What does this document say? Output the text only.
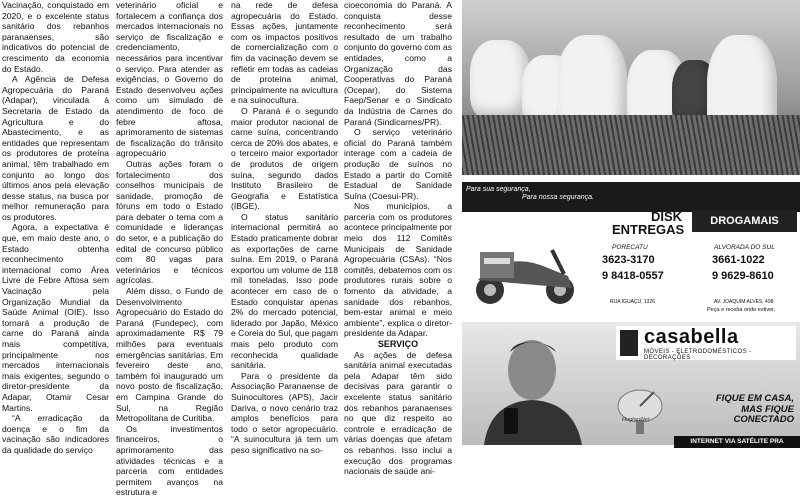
Vacinação, conquistado em 2020, e o excelente status sanitário dos rebanhos paranaenses, são indicativos do potencial de crescimento da economia do Estado.

A Agência de Defesa Agropecuária do Paraná (Adapar), vinculada à Secretaria de Estado da Agricultura e do Abastecimento, e as entidades que representam os produtores de proteína animal, têm trabalhado em conjunto ao longo dos últimos anos pela elevação desse status, na busca por melhor remuneração para os produtores.

Agora, a expectativa é que, em maio deste ano, o Estado obtenha reconhecimento internacional como Área Livre de Febre Aftosa sem Vacinação pela Organização Mundial da Saúde Animal (OIE). Isso tornará a produção de carne do Paraná ainda mais competitiva, principalmente nos mercados internacionais mais exigentes, segundo o diretor-presidente da Adapar, Otamir Cesar Martins.

“A erradicação da doença e o fim da vacinação são indicadores da qualidade do serviço

veterinário oficial e fortalecem a confiança dos mercados internacionais no serviço de fiscalização e credenciamento, necessários para incentivar o serviço. Para atender as exigências, o Governo do Estado desenvolveu ações como um simulado de atendimento de foco de febre aftosa, aprimoramento de sistemas de fiscalização do trânsito agropecuário

Outras ações foram o fortalecimento dos conselhos municipais de sanidade, promoção de fóruns em todo o Estado para debater o tema com a comunidade e lideranças do setor, e a publicação do edital de concurso público com 80 vagas para veterinários e técnicos agrícolas.

Além disso, o Fundo de Desenvolvimento Agropecuário do Estado do Paraná (Fundepec), com aproximadamente R$ 79 milhões para eventuais emergências sanitárias. Em fevereiro deste ano, também foi inaugurado um novo posto de fiscalização, em Campina Grande do Sul, na Região Metropolitana de Curitiba.

Os investimentos financeiros, o aprimoramento das atividades técnicas e a parceria com entidades permitem avanços na estrutura e

na rede de defesa agropecuária do Estado. Essas ações, juntamente com os impactos positivos de comercialização com o fim da vacinação devem se refletir em todas as cadeias de proteína animal, principalmente na avicultura e na suinocultura.

O Paraná é o segundo maior produtor nacional de carne suína, concentrando cerca de 20% dos abates, e o terceiro maior exportador de produtos de origem suína, segundo dados Instituto Brasileiro de Geografia e Estatística (IBGE).

O status sanitário internacional permitirá ao Estado praticamente dobrar as exportações de carne suína. Em 2019, o Paraná exportou um volume de 118 mil toneladas. Isso pode acontecer em caso de o Estado conquistar apenas 2% do mercado potencial, liderado por Japão, México e Coreia do Sul, que pagam mais pelo produto com reconhecida qualidade sanitária.

Para o presidente da Associação Paranaense de Suinocultores (APS), Jacir Dariva, o novo cenário traz amplos benefícios para todo o setor agropecuário. “A suinocultura já tem um peso significativo na so-

cioeconomia do Paraná. A conquista desse reconhecimento será resultado de um trabalho conjunto do governo com as entidades, como a Organização das Cooperativas do Paraná (Ocepar), do Sistema Faep/Senar e o Sindicato da Indústria de Carnes do Paraná (Sindicarnes/PR).

O serviço veterinário oficial do Paraná também interage com a cadeia de produção de suínos no Estado a partir do Comitê Estadual de Sanidade Suína (Coesui-PR).

Nos municípios, a parceria com os produtores acontece principalmente por meio dos 112 Comitês Municipais de Sanidade Agropecuária (CSAs). “Nos comitês, debatemos com os produtores rurais sobre o fomento da atividade, a sanidade dos rebanhos, bem-estar animal e meio ambiente”, explica o diretor-presidente da Adapar.

SERVIÇO

As ações de defesa sanitária animal executadas pela Adapar têm sido decisivas para garantir o excelente status sanitário dos rebanhos paranaenses no que diz respeito ao controle e erradicação de várias doenças que afetam os rebanhos. Isso inclui a execução dos programas nacionais de saúde ani-

Para sua segurança,
Para nossa segurança.
DISK
ENTREGAS
DROGAMAIS
PORECATU
3623-3170
9 8418-0557
RUA IGUAÇU, 1326
ALVORADA DO SUL
3661-1022
9 9629-8610
AV. JOAQUIM ALVES, 498
Peça e receba onde estiver.
casabella
MÓVEIS - ELETRODOMÉSTICOS - DECORAÇÕES
HughesNet
FIQUE EM CASA,
MAS FIQUE CONECTADO
INTERNET VIA SATÉLITE PRA
